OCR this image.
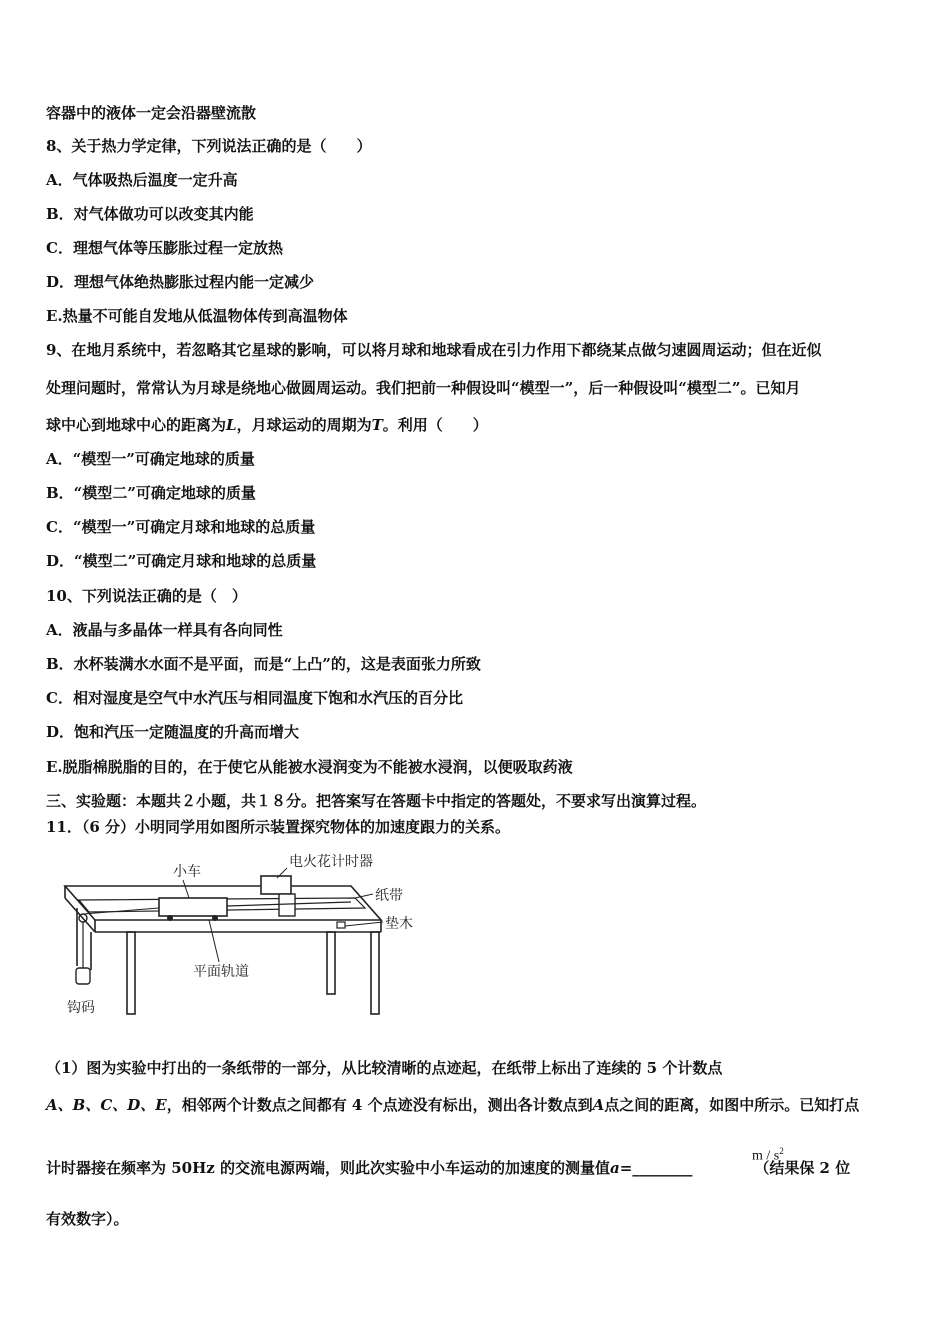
容器中的液体一定会沿器壁流散
8、关于热力学定律，下列说法正确的是（　　）
A．气体吸热后温度一定升高
B．对气体做功可以改变其内能
C．理想气体等压膨胀过程一定放热
D．理想气体绝热膨胀过程内能一定减少
E.热量不可能自发地从低温物体传到高温物体
9、在地月系统中，若忽略其它星球的影响，可以将月球和地球看成在引力作用下都绕某点做匀速圆周运动；但在近似
处理问题时，常常认为月球是绕地心做圆周运动。我们把前一种假设叫“模型一”，后一种假设叫“模型二”。已知月
球中心到地球中心的距离为L，月球运动的周期为T。利用（　　）
A．“模型一”可确定地球的质量
B．“模型二”可确定地球的质量
C．“模型一”可确定月球和地球的总质量
D．“模型二”可确定月球和地球的总质量
10、下列说法正确的是（　）
A．液晶与多晶体一样具有各向同性
B．水杯装满水水面不是平面，而是“上凸”的，这是表面张力所致
C．相对湿度是空气中水汽压与相同温度下饱和水汽压的百分比
D．饱和汽压一定随温度的升高而增大
E.脱脂棉脱脂的目的，在于使它从能被水浸润变为不能被水浸润，以便吸取药液
三、实验题：本题共２小题，共１８分。把答案写在答题卡中指定的答题处，不要求写出演算过程。
11．（6 分）小明同学用如图所示装置探究物体的加速度跟力的关系。
小车
电火花计时器
纸带
垫木
平面轨道
钩码
（1）图为实验中打出的一条纸带的一部分，从比较清晰的点迹起，在纸带上标出了连续的 5 个计数点
A、B、C、D、E，相邻两个计数点之间都有 4 个点迹没有标出，测出各计数点到A点之间的距离，如图中所示。已知打点
计时器接在频率为 50Hz 的交流电源两端，则此次实验中小车运动的加速度的测量值a=________	（结果保 2 位
m / $s^2$
有效数字）。
